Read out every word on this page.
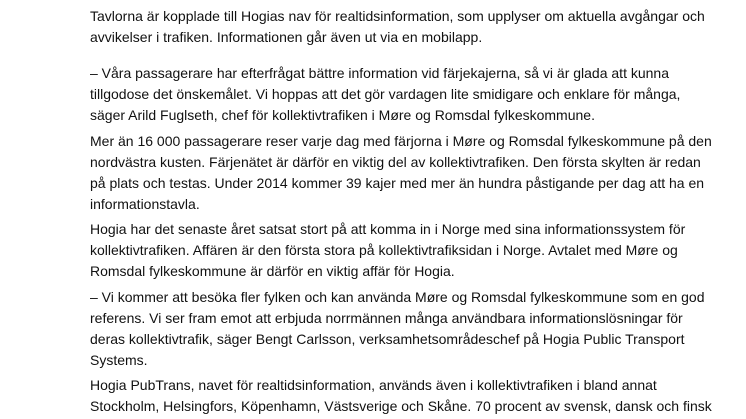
Tavlorna är kopplade till Hogias nav för realtidsinformation, som upplyser om aktuella avgångar och
avvikelser i trafiken. Informationen går även ut via en mobilapp.

– Våra passagerare har efterfrågat bättre information vid färjekajerna, så vi är glada att kunna
tillgodose det önskemålet. Vi hoppas att det gör vardagen lite smidigare och enklare för många,
säger Arild Fuglseth, chef för kollektivtrafiken i Møre og Romsdal fylkeskommune.

Mer än 16 000 passagerare reser varje dag med färjorna i Møre og Romsdal fylkeskommune på den
nordvästra kusten. Färjenätet är därför en viktig del av kollektivtrafiken. Den första skylten är redan
på plats och testas. Under 2014 kommer 39 kajer med mer än hundra påstigande per dag att ha en
informationstavla.

Hogia har det senaste året satsat stort på att komma in i Norge med sina informationssystem för
kollektivtrafiken. Affären är den första stora på kollektivtrafiksidan i Norge. Avtalet med Møre og
Romsdal fylkeskommune är därför en viktig affär för Hogia.

– Vi kommer att besöka fler fylken och kan använda Møre og Romsdal fylkeskommune som en god
referens. Vi ser fram emot att erbjuda norrmännen många användbara informationslösningar för
deras kollektivtrafik, säger Bengt Carlsson, verksamhetsområdeschef på Hogia Public Transport
Systems.

Hogia PubTrans, navet för realtidsinformation, används även i kollektivtrafiken i bland annat
Stockholm, Helsingfors, Köpenhamn, Västsverige och Skåne. 70 procent av svensk, dansk och finsk
